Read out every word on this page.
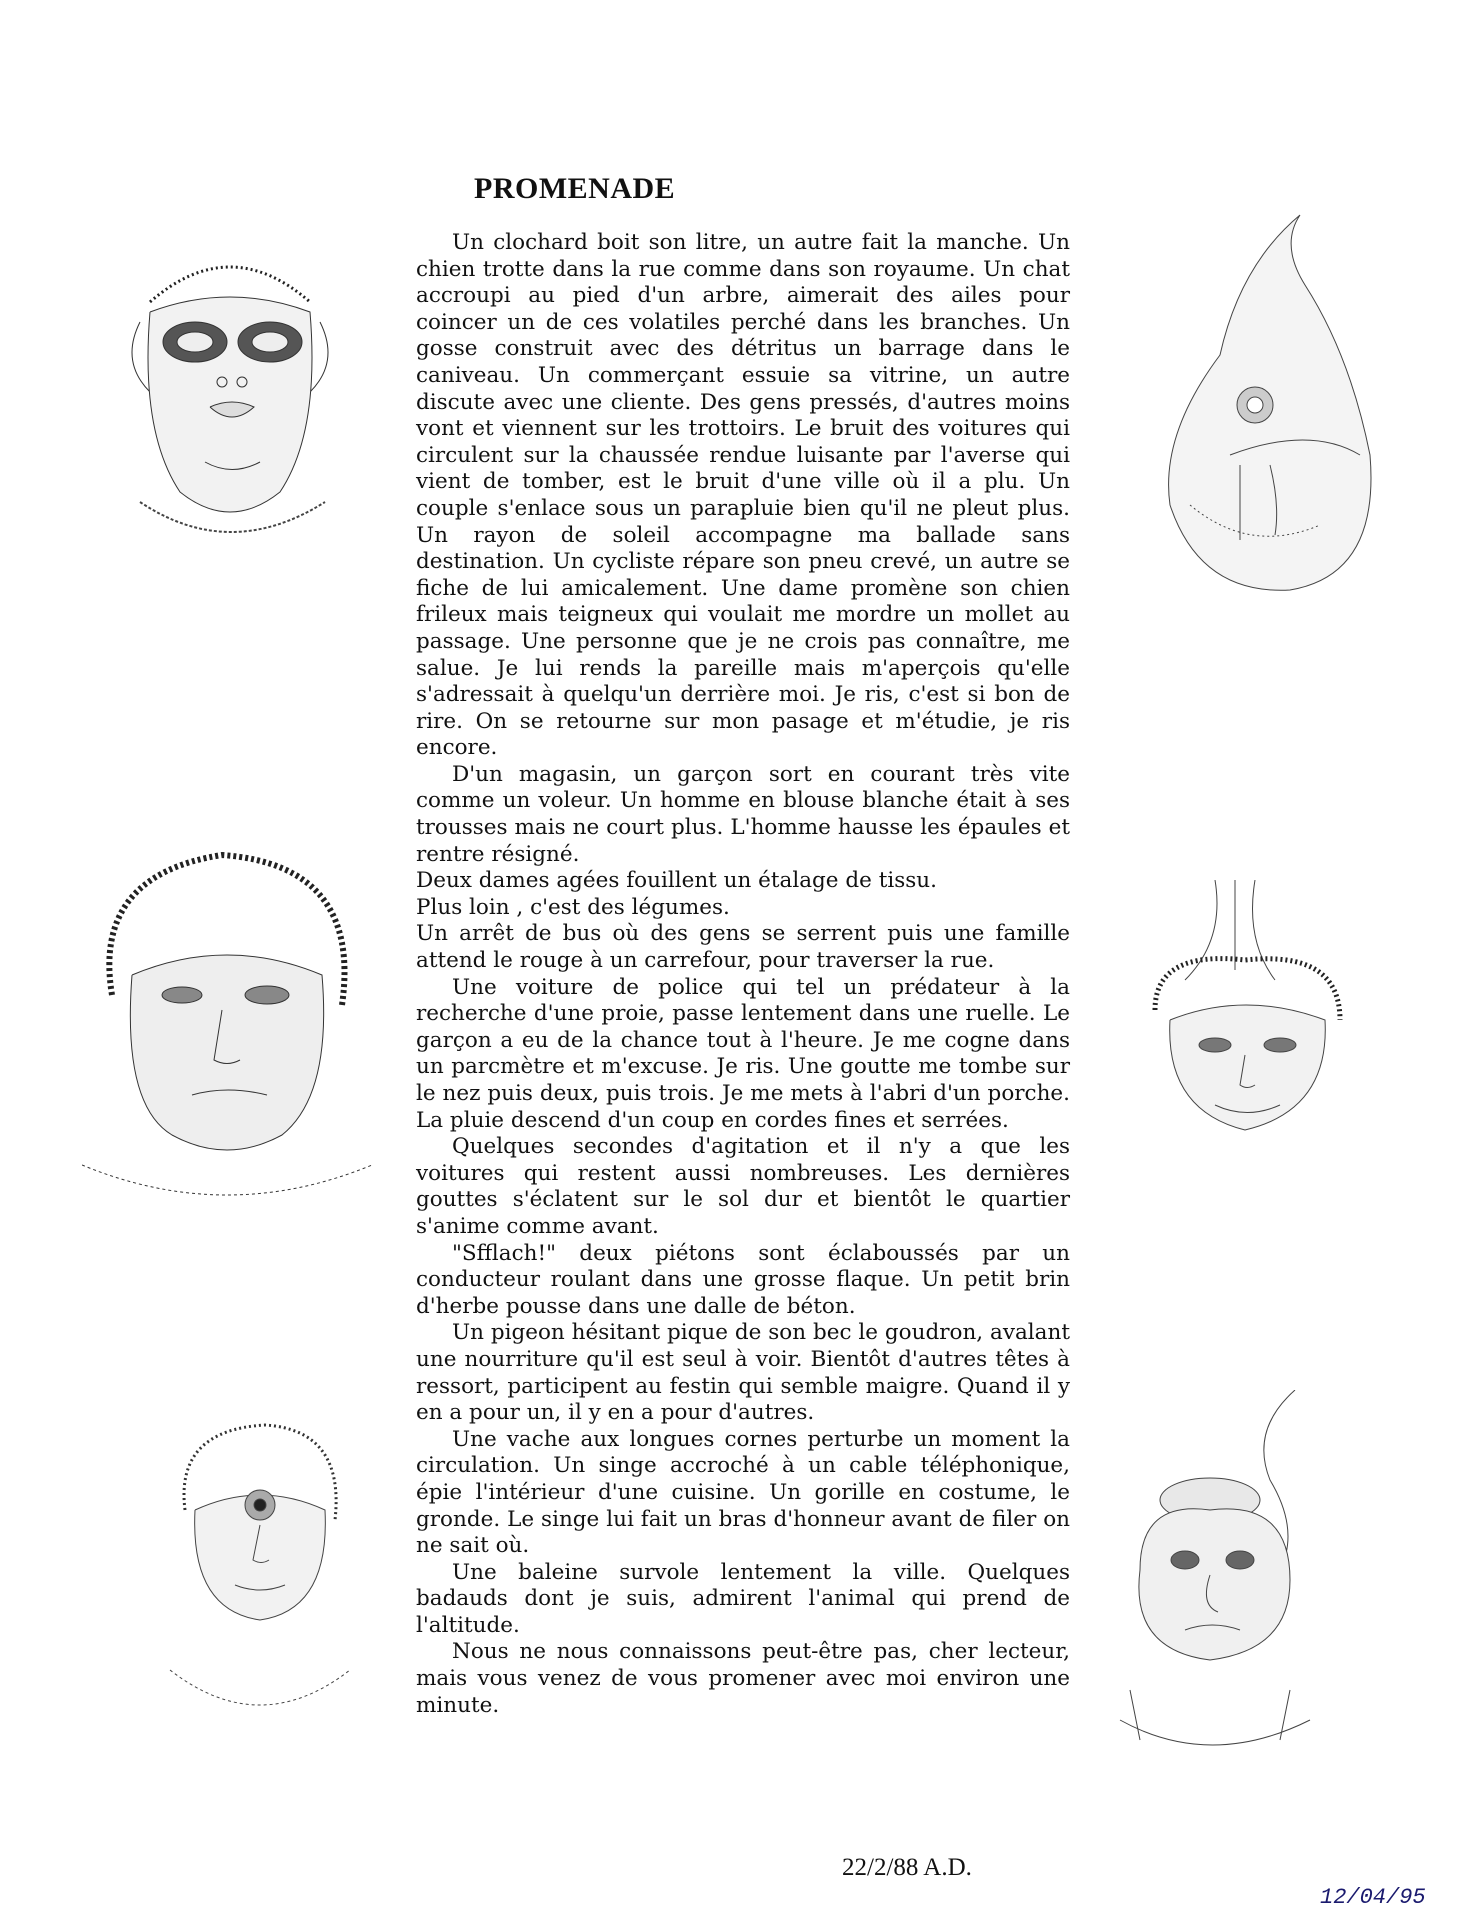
PROMENADE

Un clochard boit son litre, un autre fait la manche. Un chien trotte dans la rue comme dans son royaume. Un chat accroupi au pied d'un arbre, aimerait des ailes pour coincer un de ces volatiles perché dans les branches. Un gosse construit avec des détritus un barrage dans le caniveau. Un commerçant essuie sa vitrine, un autre discute avec une cliente. Des gens pressés, d'autres moins vont et viennent sur les trottoirs. Le bruit des voitures qui circulent sur la chaussée rendue luisante par l'averse qui vient de tomber, est le bruit d'une ville où il a plu. Un couple s'enlace sous un parapluie bien qu'il ne pleut plus. Un rayon de soleil accompagne ma ballade sans destination. Un cycliste répare son pneu crevé, un autre se fiche de lui amicalement. Une dame promène son chien frileux mais teigneux qui voulait me mordre un mollet au passage. Une personne que je ne crois pas connaître, me salue. Je lui rends la pareille mais m'aperçois qu'elle s'adressait à quelqu'un derrière moi. Je ris, c'est si bon de rire. On se retourne sur mon pasage et m'étudie, je ris encore.

D'un magasin, un garçon sort en courant très vite comme un voleur. Un homme en blouse blanche était à ses trousses mais ne court plus. L'homme hausse les épaules et rentre résigné.

Deux dames agées fouillent un étalage de tissu.

Plus loin , c'est des légumes.

Un arrêt de bus où des gens se serrent puis une famille attend le rouge à un carrefour, pour traverser la rue.

Une voiture de police qui tel un prédateur à la recherche d'une proie, passe lentement dans une ruelle. Le garçon a eu de la chance tout à l'heure. Je me cogne dans un parcmètre et m'excuse. Je ris. Une goutte me tombe sur le nez puis deux, puis trois. Je me mets à l'abri d'un porche. La pluie descend d'un coup en cordes fines et serrées.

Quelques secondes d'agitation et il n'y a que les voitures qui restent aussi nombreuses. Les dernières gouttes s'éclatent sur le sol dur et bientôt le quartier s'anime comme avant.

"Sfflach!" deux piétons sont éclaboussés par un conducteur roulant dans une grosse flaque. Un petit brin d'herbe pousse dans une dalle de béton.

Un pigeon hésitant pique de son bec le goudron, avalant une nourriture qu'il est seul à voir. Bientôt d'autres têtes à ressort, participent au festin qui semble maigre. Quand il y en a pour un, il y en a pour d'autres.

Une vache aux longues cornes perturbe un moment la circulation. Un singe accroché à un cable téléphonique, épie l'intérieur d'une cuisine. Un gorille en costume, le gronde. Le singe lui fait un bras d'honneur avant de filer on ne sait où.

Une baleine survole lentement la ville. Quelques badauds dont je suis, admirent l'animal qui prend de l'altitude.

Nous ne nous connaissons peut-être pas, cher lecteur, mais vous venez de vous promener avec moi environ une minute.

22/2/88 A.D.
12/04/95
